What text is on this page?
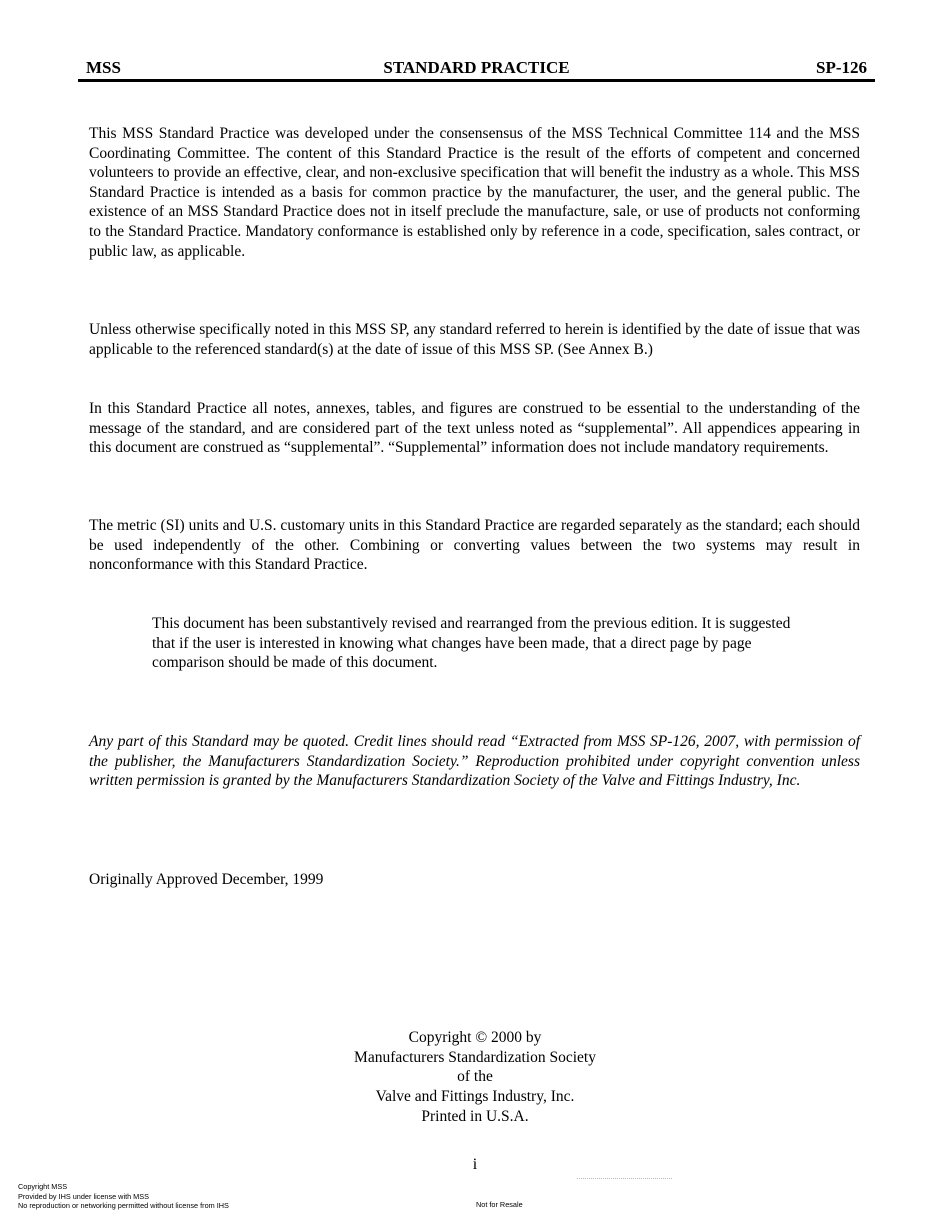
MSS	STANDARD PRACTICE	SP-126
This MSS Standard Practice was developed under the consensensus of the MSS Technical Committee 114 and the MSS Coordinating Committee. The content of this Standard Practice is the result of the efforts of competent and concerned volunteers to provide an effective, clear, and non-exclusive specification that will benefit the industry as a whole. This MSS Standard Practice is intended as a basis for common practice by the manufacturer, the user, and the general public. The existence of an MSS Standard Practice does not in itself preclude the manufacture, sale, or use of products not conforming to the Standard Practice. Mandatory conformance is established only by reference in a code, specification, sales contract, or public law, as applicable.
Unless otherwise specifically noted in this MSS SP, any standard referred to herein is identified by the date of issue that was applicable to the referenced standard(s) at the date of issue of this MSS SP. (See Annex B.)
In this Standard Practice all notes, annexes, tables, and figures are construed to be essential to the understanding of the message of the standard, and are considered part of the text unless noted as “supplemental”. All appendices appearing in this document are construed as “supplemental”. “Supplemental” information does not include mandatory requirements.
The metric (SI) units and U.S. customary units in this Standard Practice are regarded separately as the standard; each should be used independently of the other. Combining or converting values between the two systems may result in nonconformance with this Standard Practice.
This document has been substantively revised and rearranged from the previous edition. It is suggested that if the user is interested in knowing what changes have been made, that a direct page by page comparison should be made of this document.
Any part of this Standard may be quoted. Credit lines should read “Extracted from MSS SP-126, 2007, with permission of the publisher, the Manufacturers Standardization Society.” Reproduction prohibited under copyright convention unless written permission is granted by the Manufacturers Standardization Society of the Valve and Fittings Industry, Inc.
Originally Approved December, 1999
Copyright © 2000 by
Manufacturers Standardization Society
of the
Valve and Fittings Industry, Inc.
Printed in U.S.A.
i
Copyright MSS
Provided by IHS under license with MSS
No reproduction or networking permitted without license from IHS	Not for Resale
